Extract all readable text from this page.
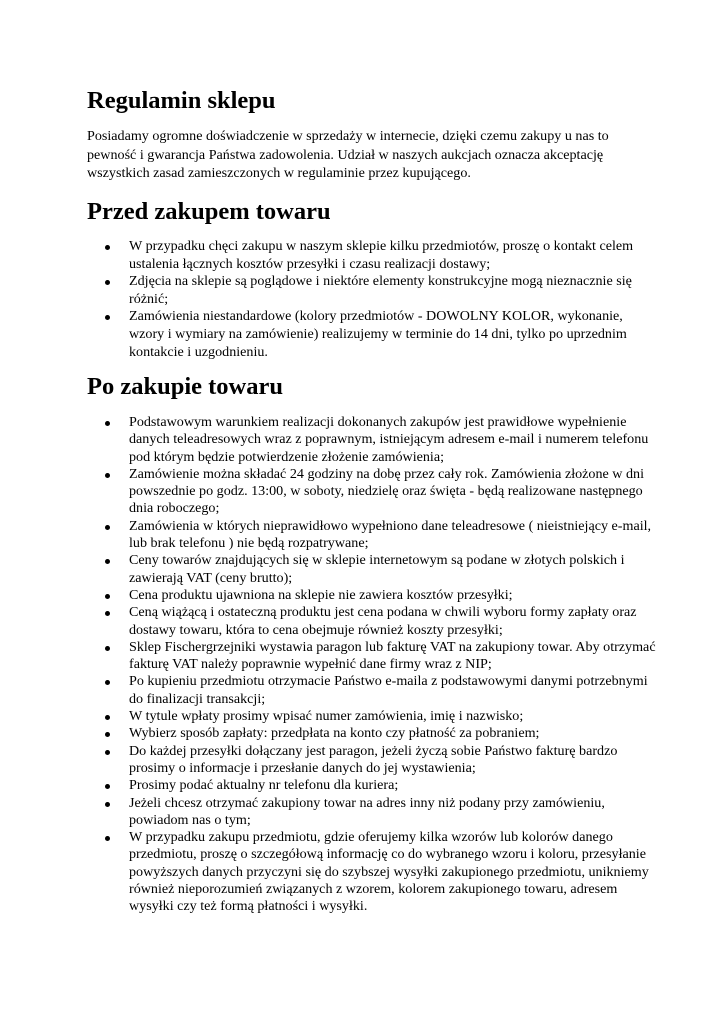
Regulamin sklepu

Posiadamy ogromne doświadczenie w sprzedaży w internecie, dzięki czemu zakupy u nas to pewność i gwarancja Państwa zadowolenia. Udział w naszych aukcjach oznacza akceptację wszystkich zasad zamieszczonych w regulaminie przez kupującego.

Przed zakupem towaru
W przypadku chęci zakupu w naszym sklepie kilku przedmiotów, proszę o kontakt celem ustalenia łącznych kosztów przesyłki i czasu realizacji dostawy;
Zdjęcia na sklepie są poglądowe i niektóre elementy konstrukcyjne mogą nieznacznie się różnić;
Zamówienia niestandardowe (kolory przedmiotów - DOWOLNY KOLOR, wykonanie, wzory i wymiary na zamówienie) realizujemy w terminie do 14 dni, tylko po uprzednim kontakcie i uzgodnieniu.
Po zakupie towaru
Podstawowym warunkiem realizacji dokonanych zakupów jest prawidłowe wypełnienie danych teleadresowych wraz z poprawnym, istniejącym adresem e-mail i numerem telefonu pod którym będzie potwierdzenie złożenie zamówienia;
Zamówienie można składać 24 godziny na dobę przez cały rok. Zamówienia złożone w dni powszednie po godz. 13:00, w soboty, niedzielę oraz święta - będą realizowane następnego dnia roboczego;
Zamówienia w których nieprawidłowo wypełniono dane teleadresowe ( nieistniejący e-mail, lub brak telefonu ) nie będą rozpatrywane;
Ceny towarów znajdujących się w sklepie internetowym są podane w złotych polskich i zawierają VAT (ceny brutto);
Cena produktu ujawniona na sklepie nie zawiera kosztów przesyłki;
Ceną wiążącą i ostateczną produktu jest cena podana w chwili wyboru formy zapłaty oraz dostawy towaru, która to cena obejmuje również koszty przesyłki;
Sklep Fischergrzejniki wystawia paragon lub fakturę VAT na zakupiony towar. Aby otrzymać fakturę VAT należy poprawnie wypełnić dane firmy wraz z NIP;
Po kupieniu przedmiotu otrzymacie Państwo e-maila z podstawowymi danymi potrzebnymi do finalizacji transakcji;
W tytule wpłaty prosimy wpisać numer zamówienia, imię i nazwisko;
Wybierz sposób zapłaty: przedpłata na konto czy płatność za pobraniem;
Do każdej przesyłki dołączany jest paragon, jeżeli życzą sobie Państwo fakturę bardzo prosimy o informacje i przesłanie danych do jej wystawienia;
Prosimy podać aktualny nr telefonu dla kuriera;
Jeżeli chcesz otrzymać zakupiony towar na adres inny niż podany przy zamówieniu, powiadom nas o tym;
W przypadku zakupu przedmiotu, gdzie oferujemy kilka wzorów lub kolorów danego przedmiotu, proszę o szczegółową informację co do wybranego wzoru i koloru, przesyłanie powyższych danych przyczyni się do szybszej wysyłki zakupionego przedmiotu, unikniemy również nieporozumień związanych z wzorem, kolorem zakupionego towaru, adresem wysyłki czy też formą płatności i wysyłki.
